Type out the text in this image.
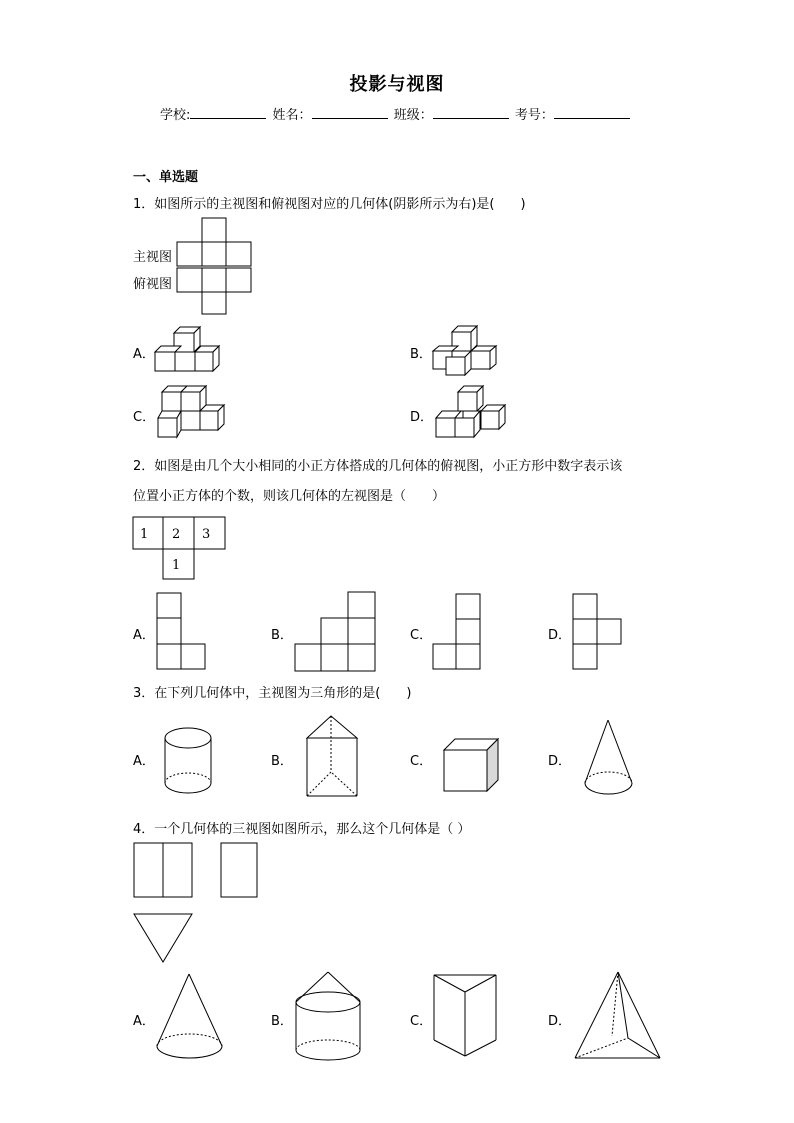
投影与视图
学校:	姓名：	班级：	考号：
一、单选题
1．如图所示的主视图和俯视图对应的几何体(阴影所示为右)是(　　)
主视图
俯视图
A．	B．
C．	D．
2．如图是由几个大小相同的小正方体搭成的几何体的俯视图，小正方形中数字表示该
位置小正方体的个数，则该几何体的左视图是（　　）
1 2 3
1
A．	B．	C．	D．
3．在下列几何体中，主视图为三角形的是(　　)
A．	B．	C．	D．
4．一个几何体的三视图如图所示，那么这个几何体是（ ）
A．	B．	C．	D．
